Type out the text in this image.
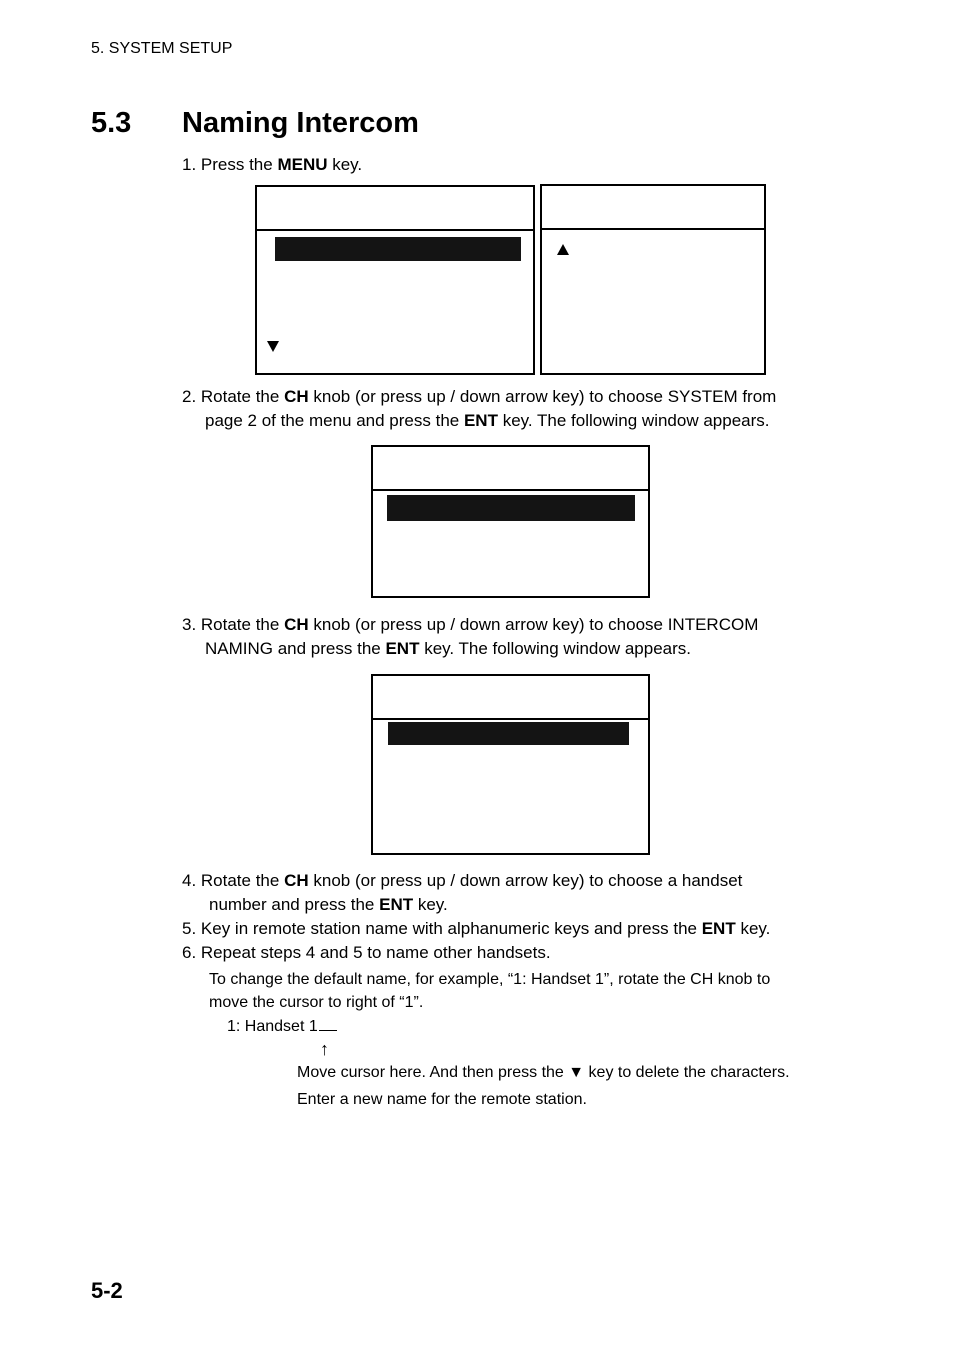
5. SYSTEM SETUP
5.3 Naming Intercom
1. Press the MENU key.
2. Rotate the CH knob (or press up / down arrow key) to choose SYSTEM from
page 2 of the menu and press the ENT key. The following window appears.
3. Rotate the CH knob (or press up / down arrow key) to choose INTERCOM
NAMING and press the ENT key. The following window appears.
4. Rotate the CH knob (or press up / down arrow key) to choose a handset
number and press the ENT key.
5. Key in remote station name with alphanumeric keys and press the ENT key.
6. Repeat steps 4 and 5 to name other handsets.
To change the default name, for example, “1: Handset 1”, rotate the CH knob to
move the cursor to right of “1”.
1: Handset 1
↑
Move cursor here. And then press the ▼ key to delete the characters.
Enter a new name for the remote station.
5-2
